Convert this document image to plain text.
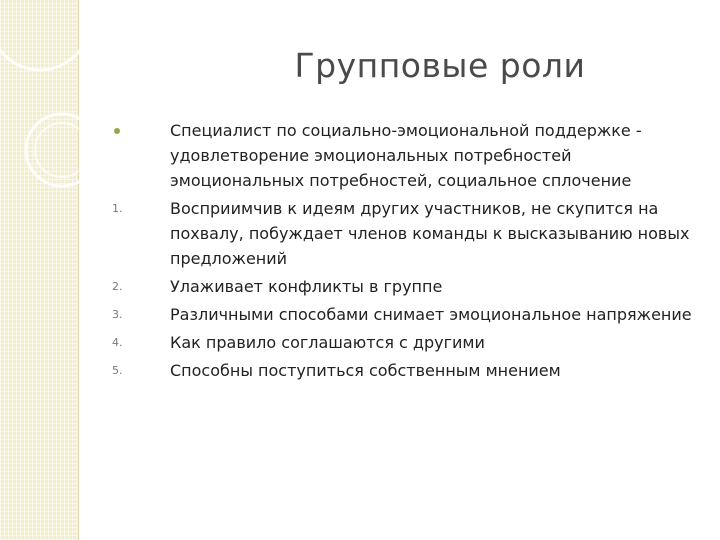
Групповые роли
Специалист по социально-эмоциональной поддержке - удовлетворение эмоциональных потребностей эмоциональных потребностей, социальное сплочение
1.	Восприимчив к идеям других участников, не скупится на похвалу, побуждает членов команды к высказыванию новых предложений
2.	Улаживает конфликты в группе
3.	Различными способами снимает эмоциональное напряжение
4.	Как правило соглашаются с другими
5.	Способны поступиться собственным мнением
